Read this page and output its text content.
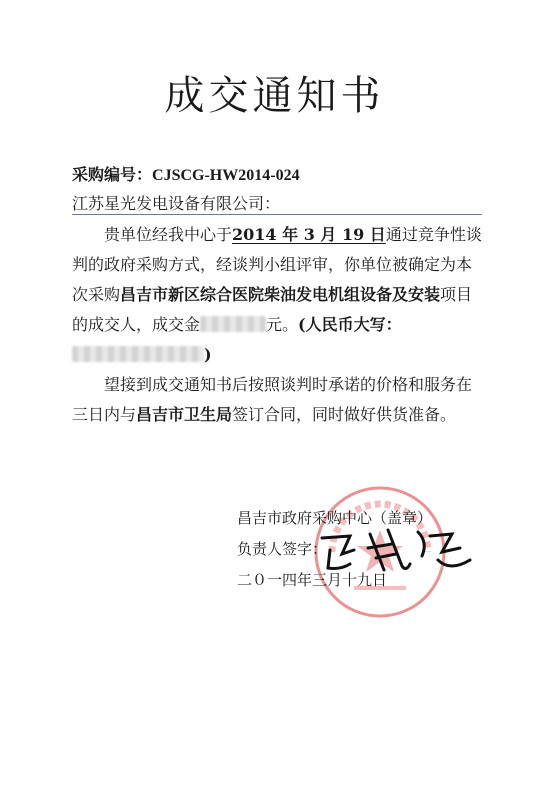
成交通知书
采购编号：CJSCG-HW2014-024
江苏星光发电设备有限公司：
贵单位经我中心于2014 年 3 月 19 日通过竞争性谈判的政府采购方式，经谈判小组评审，你单位被确定为本次采购昌吉市新区综合医院柴油发电机组设备及安装项目的成交人，成交金	元。(人民币大写：)
望接到成交通知书后按照谈判时承诺的价格和服务在三日内与昌吉市卫生局签订合同，同时做好供货准备。
昌吉市政府采购中心（盖章）
负责人签字：
二０一四年三月十九日
